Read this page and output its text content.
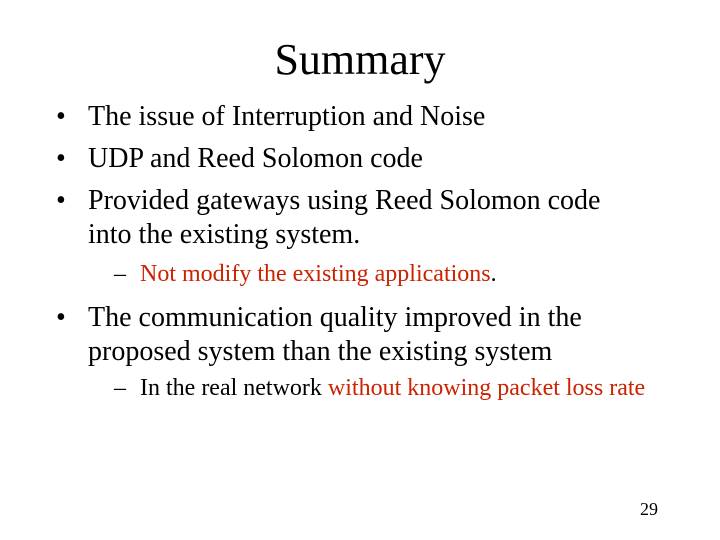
Summary
• The issue of Interruption and Noise
• UDP and Reed Solomon code
• Provided gateways using Reed Solomon code into the existing system.
– Not modify the existing applications.
• The communication quality improved in the proposed system than the existing system
– In the real network without knowing packet loss rate
29
